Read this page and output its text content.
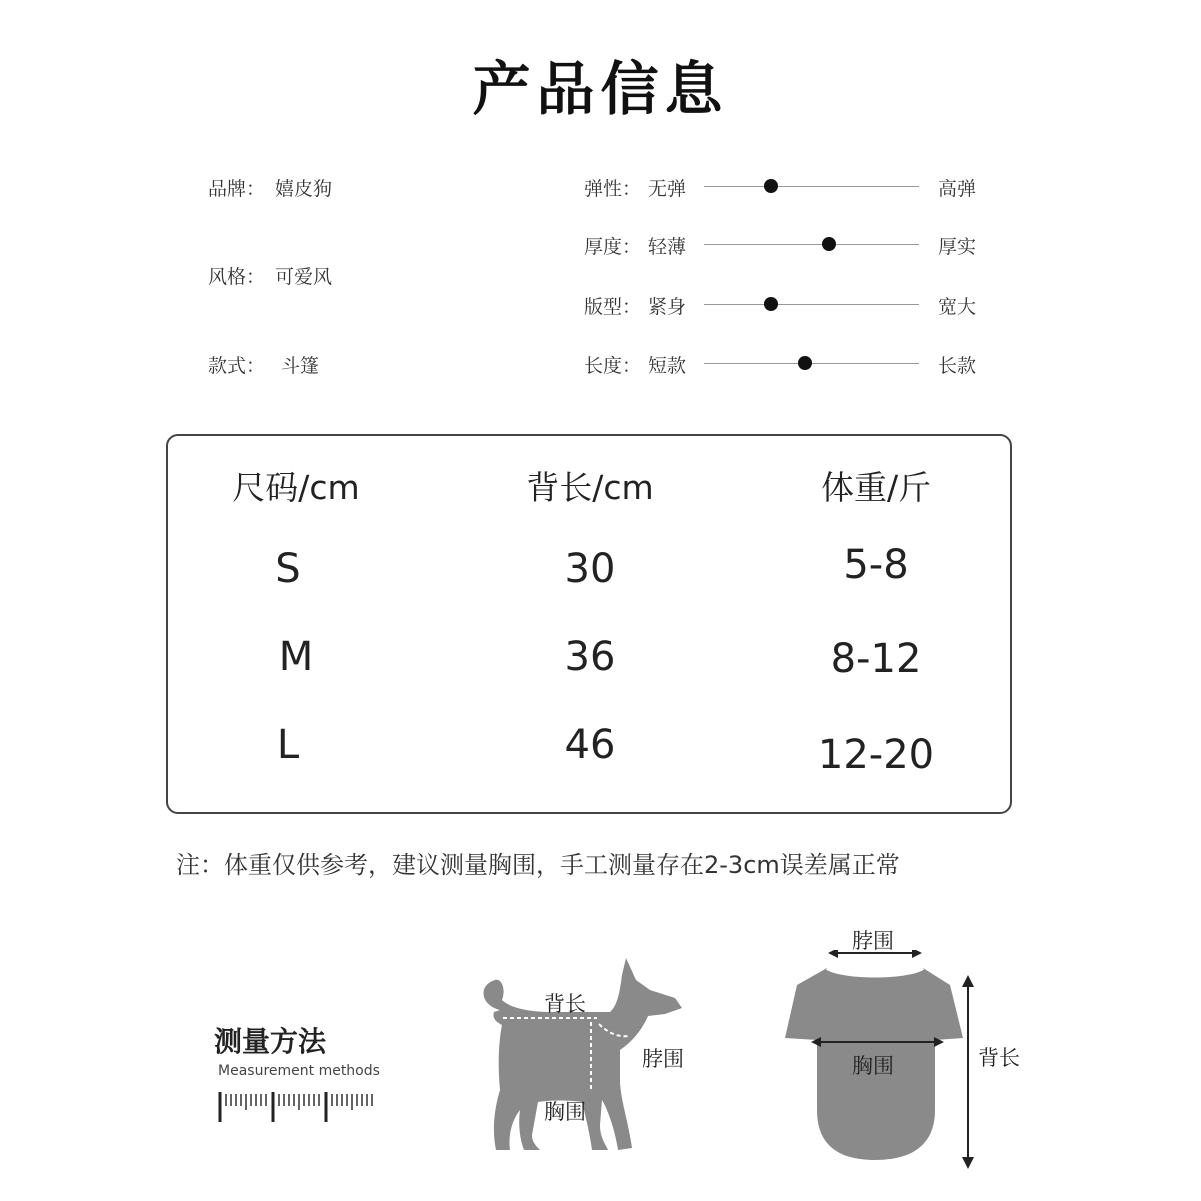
产品信息
品牌： 嬉皮狗
风格： 可爱风
款式： 斗篷
弹性： 无弹	高弹
厚度： 轻薄	厚实
版型： 紧身	宽大
长度： 短款	长款
尺码/cm	背长/cm	体重/斤
S	30	5-8
M	36	8-12
L	46	12-20
注：体重仅供参考，建议测量胸围，手工测量存在2-3cm误差属正常
测量方法
Measurement methods
背长
脖围
胸围
脖围
胸围	背长
